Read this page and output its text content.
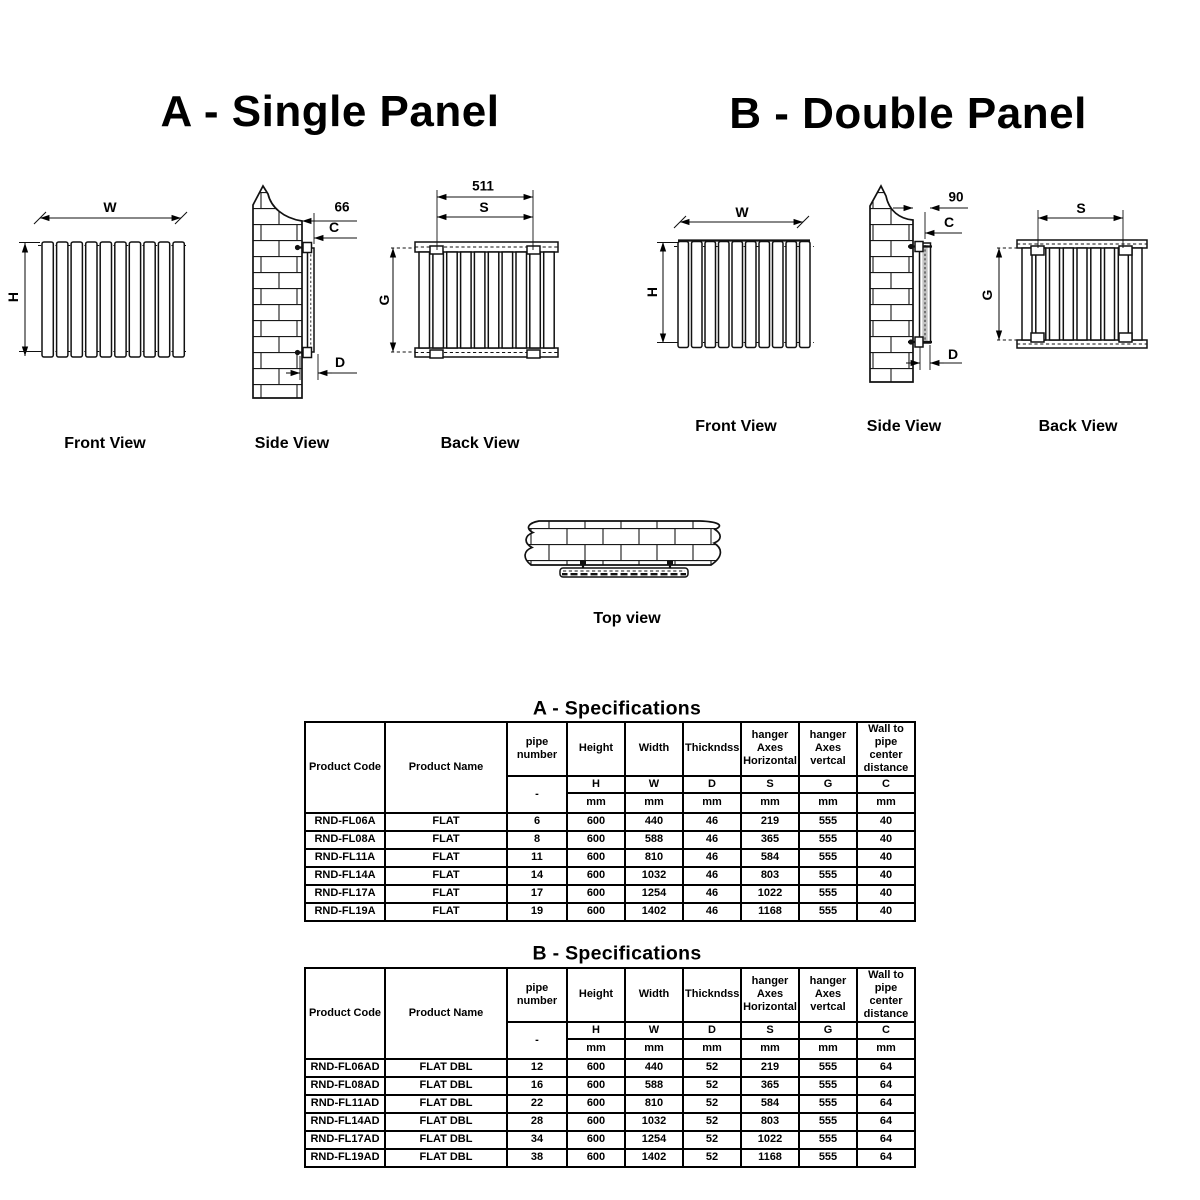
A - Single Panel
W
H
66
C
D
511
S
G
Front View	Side View	Back View
B - Double Panel
W
H
90
C
D
S
G
Front View	Side View	Back View
Top view
A - Specifications
B - Specifications
Product Code	Product Name	pipe number	Height	Width	Thickndss	hanger Axes Horizontal	hanger Axes vertcal	Wall to pipe center distance
		-	H	W	D	S	G	C
			mm	mm	mm	mm	mm	mm
RND-FL06A	FLAT	6	600	440	46	219	555	40
RND-FL08A	FLAT	8	600	588	46	365	555	40
RND-FL11A	FLAT	11	600	810	46	584	555	40
RND-FL14A	FLAT	14	600	1032	46	803	555	40
RND-FL17A	FLAT	17	600	1254	46	1022	555	40
RND-FL19A	FLAT	19	600	1402	46	1168	555	40
Product Code	Product Name	pipe number	Height	Width	Thickndss	hanger Axes Horizontal	hanger Axes vertcal	Wall to pipe center distance
		-	H	W	D	S	G	C
			mm	mm	mm	mm	mm	mm
RND-FL06AD	FLAT DBL	12	600	440	52	219	555	64
RND-FL08AD	FLAT DBL	16	600	588	52	365	555	64
RND-FL11AD	FLAT DBL	22	600	810	52	584	555	64
RND-FL14AD	FLAT DBL	28	600	1032	52	803	555	64
RND-FL17AD	FLAT DBL	34	600	1254	52	1022	555	64
RND-FL19AD	FLAT DBL	38	600	1402	52	1168	555	64
